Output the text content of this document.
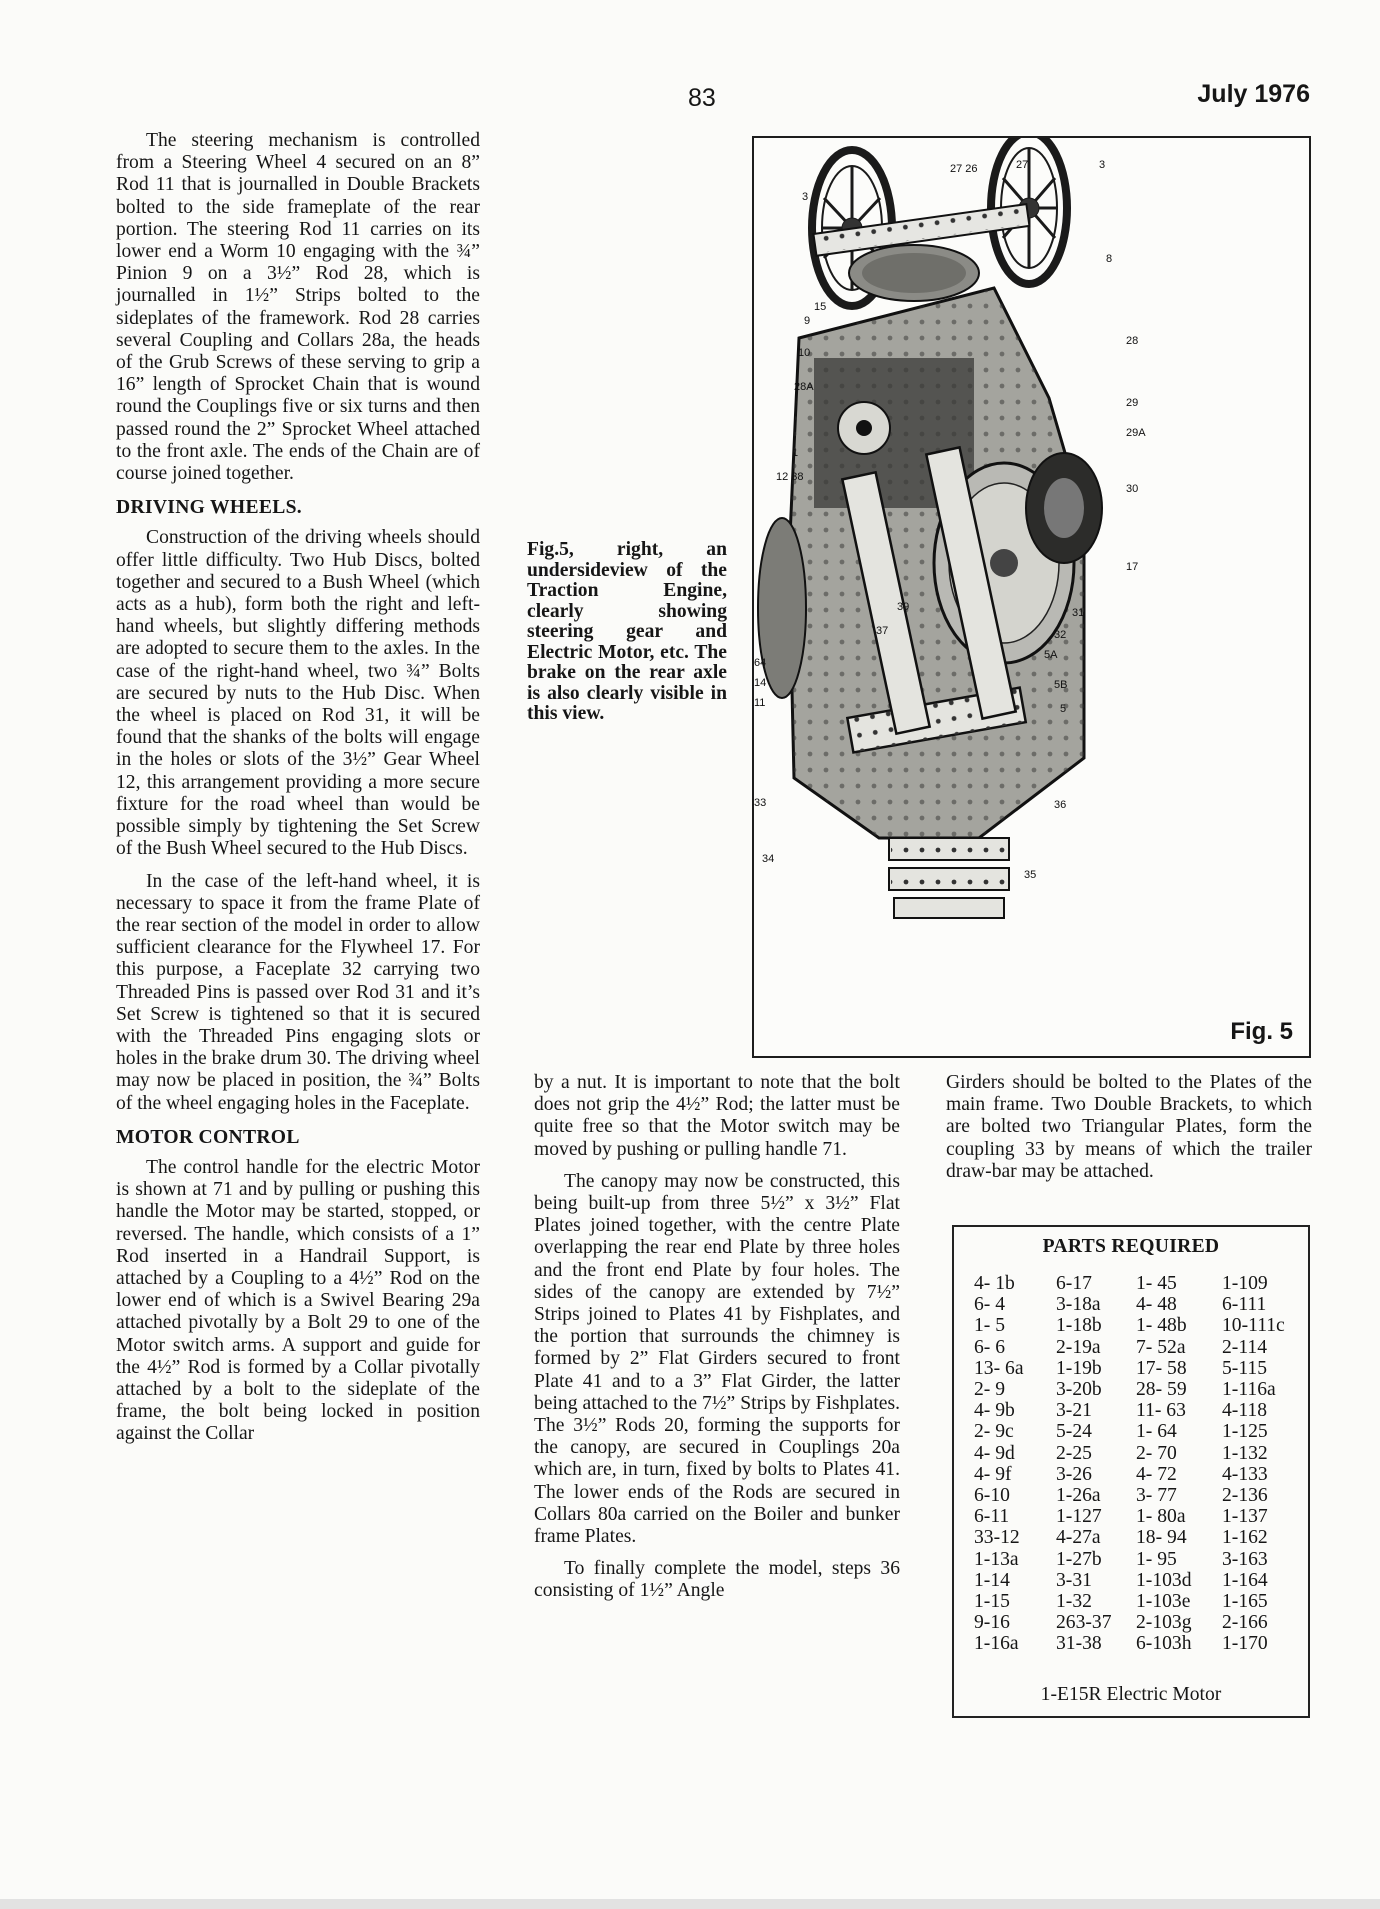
83	July 1976

The steering mechanism is controlled from a Steering Wheel 4 secured on an 8” Rod 11 that is journalled in Double Brackets bolted to the side frameplate of the rear portion. The steering Rod 11 carries on its lower end a Worm 10 engaging with the ¾” Pinion 9 on a 3½” Rod 28, which is journalled in 1½” Strips bolted to the sideplates of the framework. Rod 28 carries several Coupling and Collars 28a, the heads of the Grub Screws of these serving to grip a 16” length of Sprocket Chain that is wound round the Couplings five or six turns and then passed round the 2” Sprocket Wheel attached to the front axle. The ends of the Chain are of course joined together.

DRIVING WHEELS.

Construction of the driving wheels should offer little difficulty. Two Hub Discs, bolted together and secured to a Bush Wheel (which acts as a hub), form both the right and left-hand wheels, but slightly differing methods are adopted to secure them to the axles. In the case of the right-hand wheel, two ¾” Bolts are secured by nuts to the Hub Disc. When the wheel is placed on Rod 31, it will be found that the shanks of the bolts will engage in the holes or slots of the 3½” Gear Wheel 12, this arrangement providing a more secure fixture for the road wheel than would be possible simply by tightening the Set Screw of the Bush Wheel secured to the Hub Discs.

In the case of the left-hand wheel, it is necessary to space it from the frame Plate of the rear section of the model in order to allow sufficient clearance for the Flywheel 17. For this purpose, a Faceplate 32 carrying two Threaded Pins is passed over Rod 31 and it’s Set Screw is tightened so that it is secured with the Threaded Pins engaging slots or holes in the brake drum 30. The driving wheel may now be placed in position, the ¾” Bolts of the wheel engaging holes in the Faceplate.

MOTOR CONTROL

The control handle for the electric Motor is shown at 71 and by pulling or pushing this handle the Motor may be started, stopped, or reversed. The handle, which consists of a 1” Rod inserted in a Handrail Support, is attached by a Coupling to a 4½” Rod on the lower end of which is a Swivel Bearing 29a attached pivotally by a Bolt 29 to one of the Motor switch arms. A support and guide for the 4½” Rod is formed by a Collar pivotally attached by a bolt to the sideplate of the frame, the bolt being locked in position against the Collar

Fig.5, right, an undersideview of the Traction Engine, clearly showing steering gear and Electric Motor, etc. The brake on the rear axle is also clearly visible in this view.
27 26	27	3
3
8
15
9
10
28A
28
29
29A
1
12 38
30
17
39
37
31
32
5A
5B
5
64
14
11
36
33
34
35
Fig. 5

by a nut. It is important to note that the bolt does not grip the 4½” Rod; the latter must be quite free so that the Motor switch may be moved by pushing or pulling handle 71.

The canopy may now be constructed, this being built-up from three 5½” x 3½” Flat Plates joined together, with the centre Plate overlapping the rear end Plate by three holes and the front end Plate by four holes. The sides of the canopy are extended by 7½” Strips joined to Plates 41 by Fishplates, and the portion that surrounds the chimney is formed by 2” Flat Girders secured to front Plate 41 and to a 3” Flat Girder, the latter being attached to the 7½” Strips by Fishplates. The 3½” Rods 20, forming the supports for the canopy, are secured in Couplings 20a which are, in turn, fixed by bolts to Plates 41. The lower ends of the Rods are secured in Collars 80a carried on the Boiler and bunker frame Plates.

To finally complete the model, steps 36 consisting of 1½” Angle

Girders should be bolted to the Plates of the main frame. Two Double Brackets, to which are bolted two Triangular Plates, form the coupling 33 by means of which the trailer draw-bar may be attached.

PARTS REQUIRED
4- 1b	6-17	1- 45	1-109
6- 4	3-18a	4- 48	6-111
1- 5	1-18b	1- 48b	10-111c
6- 6	2-19a	7- 52a	2-114
13- 6a	1-19b	17- 58	5-115
2- 9	3-20b	28- 59	1-116a
4- 9b	3-21	11- 63	4-118
2- 9c	5-24	1- 64	1-125
4- 9d	2-25	2- 70	1-132
4- 9f	3-26	4- 72	4-133
6-10	1-26a	3- 77	2-136
6-11	1-127	1- 80a	1-137
33-12	4-27a	18- 94	1-162
1-13a	1-27b	1- 95	3-163
1-14	3-31	1-103d	1-164
1-15	1-32	1-103e	1-165
9-16	263-37	2-103g	2-166
1-16a	31-38	6-103h	1-170
1-E15R Electric Motor
